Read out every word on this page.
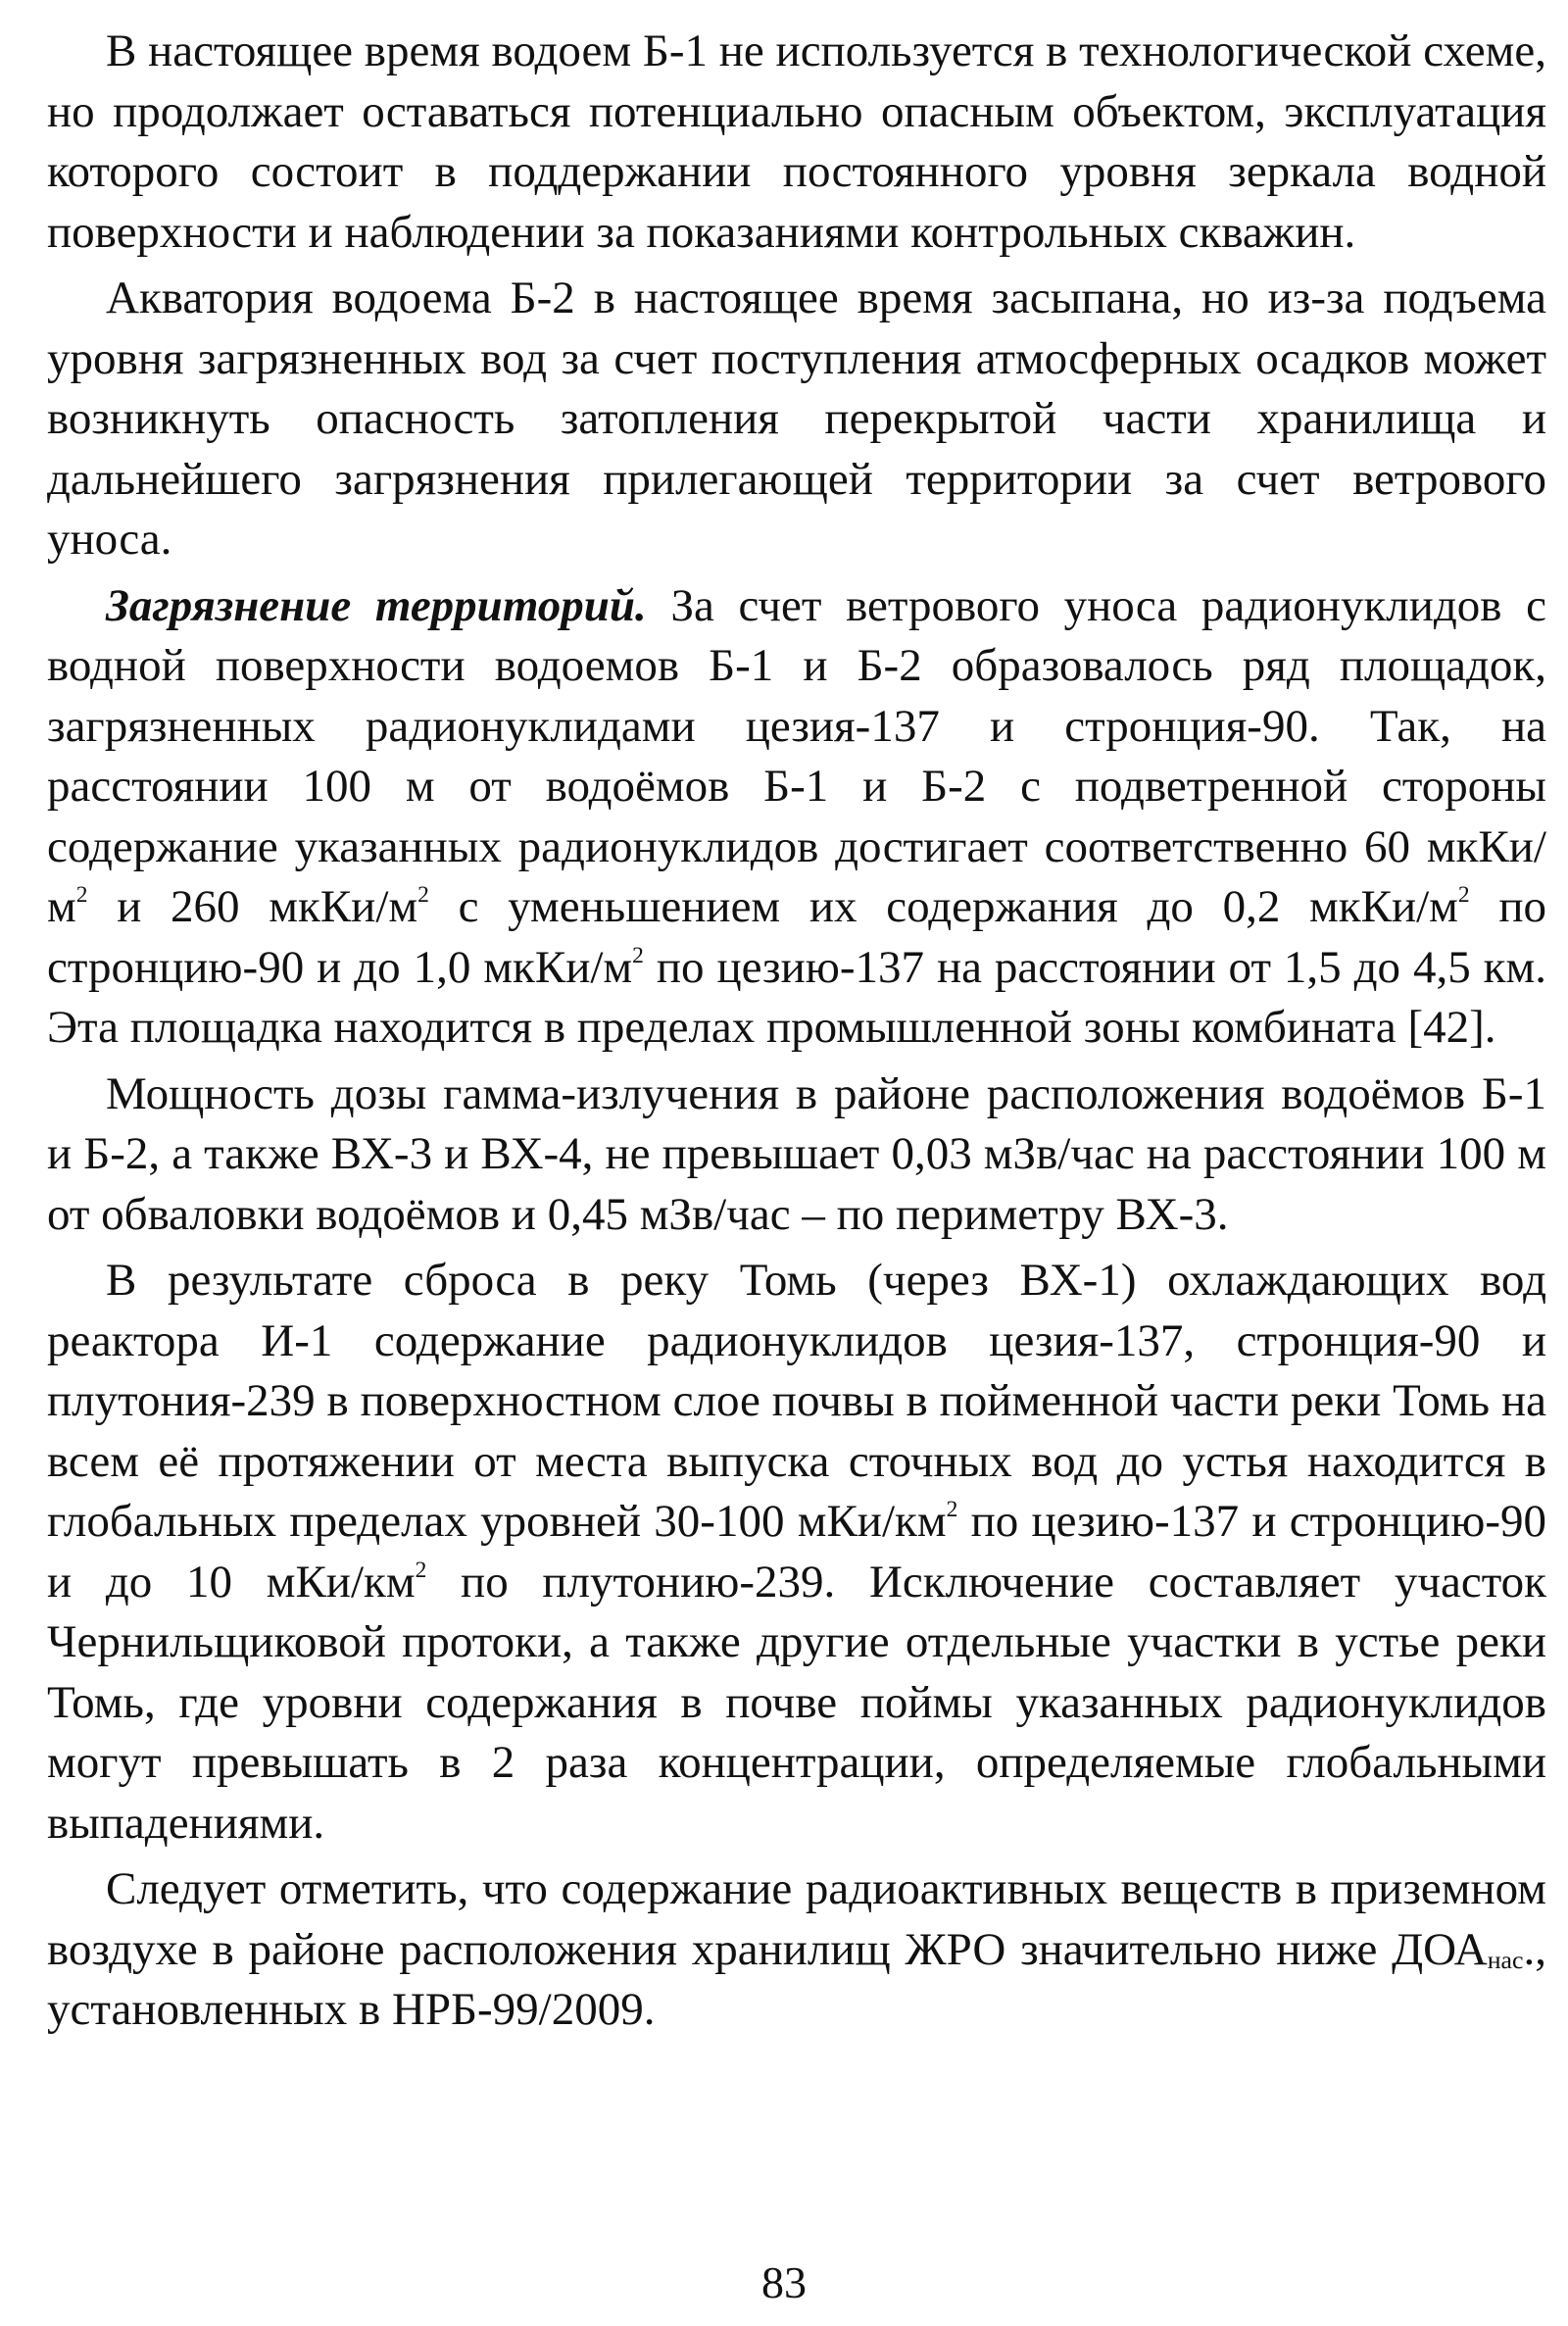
В настоящее время водоем Б-1 не используется в технологической схеме, но продолжает оставаться потенциально опасным объектом, эксплуатация которого состоит в поддержании постоянного уровня зеркала водной поверхности и наблюдении за показаниями контрольных скважин.

Акватория водоема Б-2 в настоящее время засыпана, но из-за подъема уровня загрязненных вод за счет поступления атмосферных осадков может возникнуть опасность затопления перекрытой части хранилища и дальнейшего загрязнения прилегающей территории за счет ветрового уноса.

Загрязнение территорий. За счет ветрового уноса радионуклидов с водной поверхности водоемов Б-1 и Б-2 образовалось ряд площадок, загрязненных радионуклидами цезия-137 и стронция-90. Так, на расстоянии 100 м от водоёмов Б-1 и Б-2 с подветренной стороны содержание указанных радионуклидов достигает соответственно 60 мкКи/$м^2$ и 260 мкКи/$м^2$ с уменьшением их содержания до 0,2 мкКи/$м^2$ по стронцию-90 и до 1,0 мкКи/$м^2$ по цезию-137 на расстоянии от 1,5 до 4,5 км. Эта площадка находится в пределах промышленной зоны комбината [42].

Мощность дозы гамма-излучения в районе расположения водоёмов Б-1 и Б-2, а также ВХ-3 и ВХ-4, не превышает 0,03 мЗв/час на расстоянии 100 м от обваловки водоёмов и 0,45 мЗв/час – по периметру ВХ-3.

В результате сброса в реку Томь (через ВХ-1) охлаждающих вод реактора И-1 содержание радионуклидов цезия-137, стронция-90 и плутония-239 в поверхностном слое почвы в пойменной части реки Томь на всем её протяжении от места выпуска сточных вод до устья находится в глобальных пределах уровней 30-100 мКи/$км^2$ по цезию-137 и стронцию-90 и до 10 мКи/$км^2$ по плутонию-239. Исключение составляет участок Чернильщиковой протоки, а также другие отдельные участки в устье реки Томь, где уровни содержания в почве поймы указанных радионуклидов могут превышать в 2 раза концентрации, определяемые глобальными выпадениями.

Следует отметить, что содержание радиоактивных веществ в приземном воздухе в районе расположения хранилищ ЖРО значительно ниже $ДОА_{нас}$., установленных в НРБ-99/2009.

83
